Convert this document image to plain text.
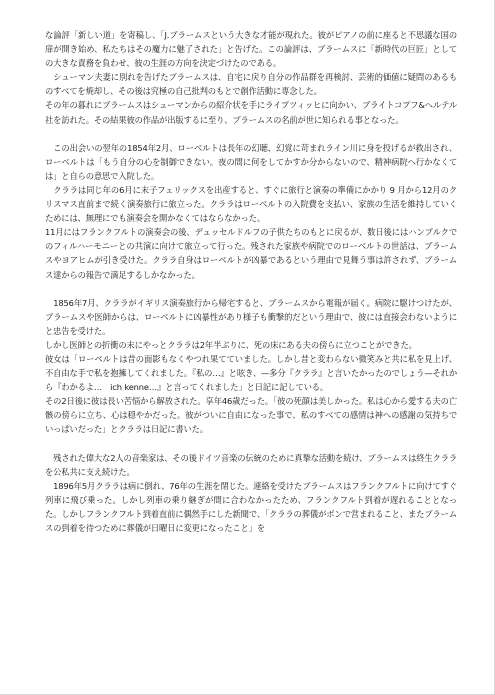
な論評「新しい道」を寄稿し、「J.ブラームスという大きな才能が現れた。彼がピアノの前に座ると不思議な国の扉が開き始め、私たちはその魔力に魅了された」と告げた。この論評は、ブラームスに「新時代の巨匠」としての大きな責務を負わせ、彼の生涯の方向を決定づけたのである。

　シューマン夫妻に別れを告げたブラームスは、自宅に戻り自分の作品群を再検討、芸術的価値に疑問のあるものすべてを焼却し、その後は究極の自己批判のもとで創作活動に専念した。

その年の暮れにブラームスはシューマンからの紹介状を手にライプツィッヒに向かい、ブライトコプフ&ヘルテル社を訪れた。その結果彼の作品が出版するに至り、ブラームスの名前が世に知られる事となった。

　この出会いの翌年の1854年2月、ローベルトは長年の幻聴、幻覚に苛まれライン川に身を投げるが救出され、ローベルトは「もう自分の心を制御できない。夜の間に何をしてかすか分からないので、精神病院へ行かなくては」と自らの意思で入院した。

　クララは同じ年の6月に末子フェリックスを出産すると、すぐに旅行と演奏の準備にかかり 9 月から12月のクリスマス直前まで続く演奏旅行に旅立った。クララはローベルトの入院費を支払い、家族の生活を維持していくためには、無理にでも演奏会を開かなくてはならなかった。

11月にはフランクフルトの演奏会の後、デュッセルドルフの子供たちのもとに戻るが、数日後にはハンブルクでのフィルハーモニーとの共演に向けて旅立って行った。残された家族や病院でのローベルトの世話は、ブラームスやヨアヒムが引き受けた。クララ自身はローベルトが凶暴であるという理由で見舞う事は許されず、ブラームス達からの報告で満足するしかなかった。

　1856年7月、クララがイギリス演奏旅行から帰宅すると、ブラームスから電報が届く。病院に駆けつけたが、ブラームスや医師からは、ローベルトに凶暴性があり様子も衝撃的だという理由で、彼には直接会わないようにと忠告を受けた。

しかし医師との折衝の末にやっとクララは2年半ぶりに、死の床にある夫の傍らに立つことができた。

彼女は「ローベルトは昔の面影もなくやつれ果てていました。しかし昔と変わらない微笑みと共に私を見上げ、不自由な手で私を抱擁してくれました。『私の…』と呟き、—多分『クララ』と言いたかったのでしょう—それから『わかるよ…　ich kenne…』と言ってくれました」と日記に記している。

その2日後に彼は長い苦悩から解放された。享年46歳だった。「彼の死顔は美しかった。私は心から愛する夫の亡骸の傍らに立ち、心は穏やかだった。彼がついに自由になった事で、私のすべての感情は神への感謝の気持ちでいっぱいだった」とクララは日記に書いた。

　残された偉大な2人の音楽家は、その後ドイツ音楽の伝統のために真摯な活動を続け、ブラームスは終生クララを公私共に支え続けた。

　1896年5月クララは病に倒れ、76年の生涯を閉じた。連絡を受けたブラームスはフランクフルトに向けてすぐ列車に飛び乗った。しかし列車の乗り継ぎが間に合わなかったため、フランクフルト到着が遅れることとなった。しかしフランクフルト到着直前に偶然手にした新聞で、「クララの葬儀がボンで営まれること、またブラームスの到着を待つために葬儀が日曜日に変更になったこと」を
